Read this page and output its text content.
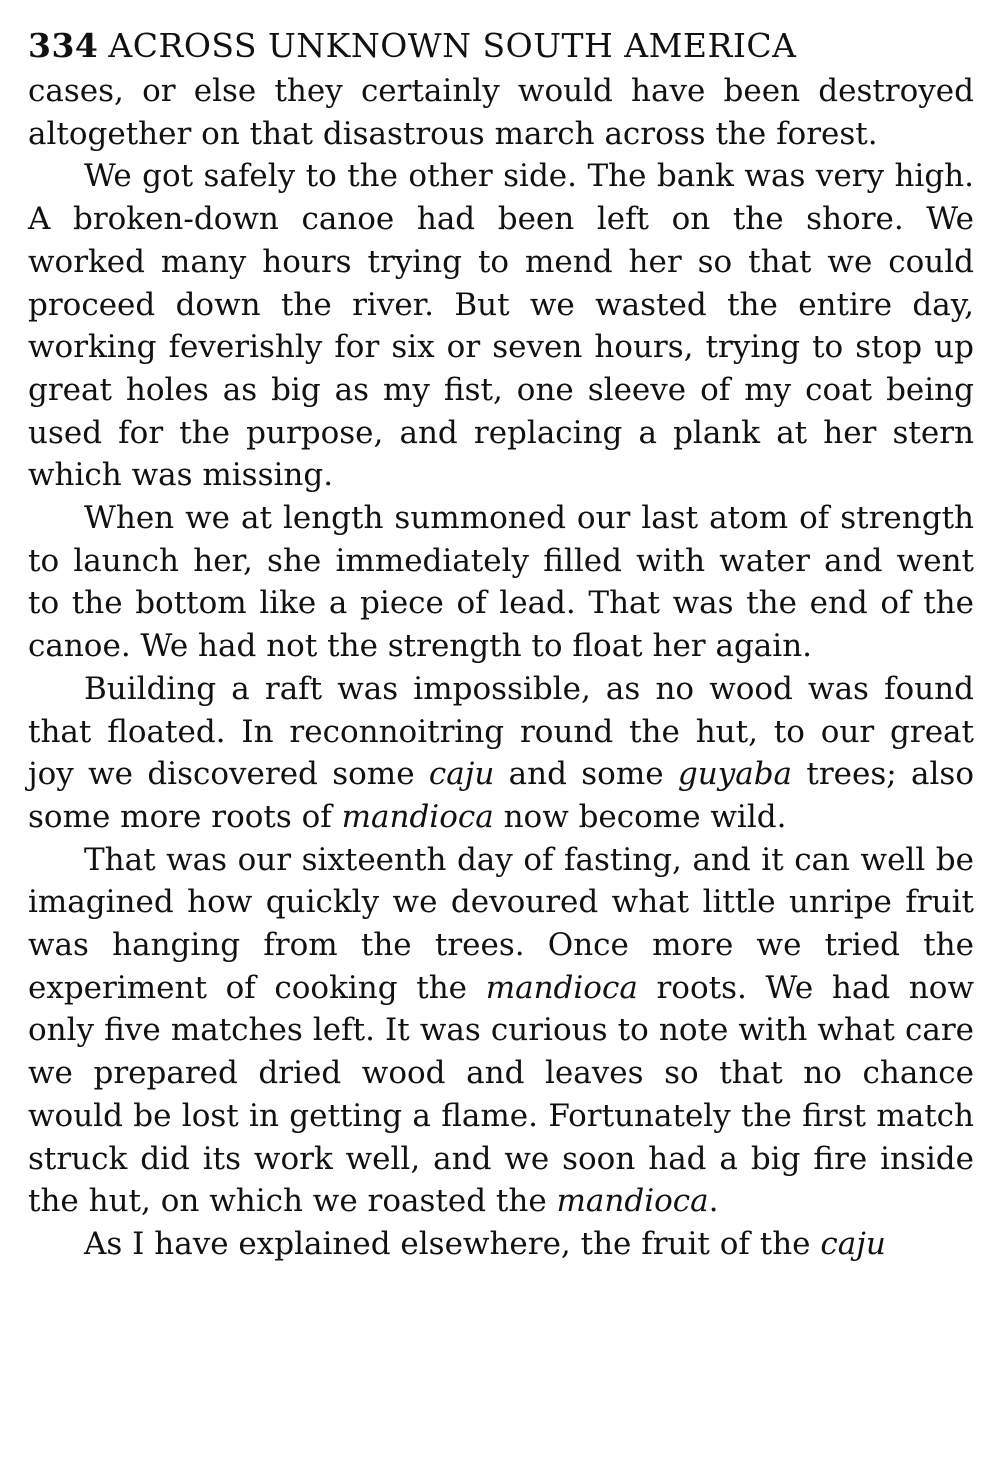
334 ACROSS UNKNOWN SOUTH AMERICA

cases, or else they certainly would have been destroyed altogether on that disastrous march across the forest.

We got safely to the other side. The bank was very high. A broken-down canoe had been left on the shore. We worked many hours trying to mend her so that we could proceed down the river. But we wasted the entire day, working feverishly for six or seven hours, trying to stop up great holes as big as my fist, one sleeve of my coat being used for the purpose, and replacing a plank at her stern which was missing.

When we at length summoned our last atom of strength to launch her, she immediately filled with water and went to the bottom like a piece of lead. That was the end of the canoe. We had not the strength to float her again.

Building a raft was impossible, as no wood was found that floated. In reconnoitring round the hut, to our great joy we discovered some caju and some guyaba trees; also some more roots of mandioca now become wild.

That was our sixteenth day of fasting, and it can well be imagined how quickly we devoured what little unripe fruit was hanging from the trees. Once more we tried the experiment of cooking the mandioca roots. We had now only five matches left. It was curious to note with what care we prepared dried wood and leaves so that no chance would be lost in getting a flame. Fortunately the first match struck did its work well, and we soon had a big fire inside the hut, on which we roasted the mandioca.

As I have explained elsewhere, the fruit of the caju
